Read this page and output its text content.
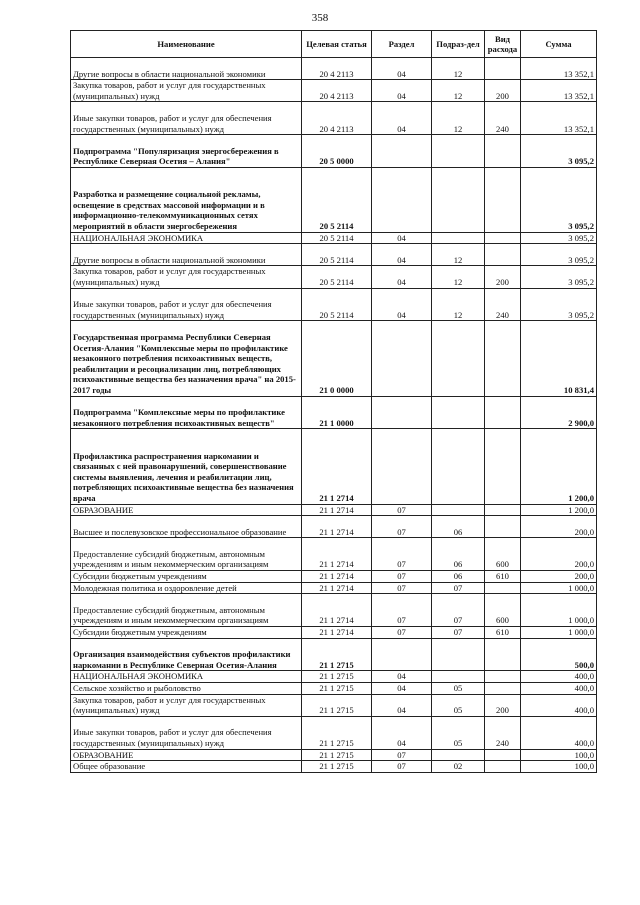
358
Наименование	Целевая статья	Раздел	Подраз-дел	Вид расхода	Сумма
Другие вопросы в области национальной экономики	20 4 2113	04	12		13 352,1
Закупка товаров, работ и услуг для государственных (муниципальных) нужд	20 4 2113	04	12	200	13 352,1
Иные закупки товаров, работ и услуг для обеспечения государственных (муниципальных) нужд	20 4 2113	04	12	240	13 352,1
Подпрограмма "Популяризация энергосбережения в Республике Северная Осетия – Алания"	20 5 0000				3 095,2
Разработка и размещение социальной рекламы, освещение в средствах массовой информации и в информационно-телекоммуникационных сетях мероприятий в области энергосбережения	20 5 2114				3 095,2
НАЦИОНАЛЬНАЯ ЭКОНОМИКА	20 5 2114	04			3 095,2
Другие вопросы в области национальной экономики	20 5 2114	04	12		3 095,2
Закупка товаров, работ и услуг для государственных (муниципальных) нужд	20 5 2114	04	12	200	3 095,2
Иные закупки товаров, работ и услуг для обеспечения государственных (муниципальных) нужд	20 5 2114	04	12	240	3 095,2
Государственная программа Республики Северная Осетия-Алания "Комплексные меры по профилактике незаконного потребления психоактивных веществ, реабилитации и ресоциализации лиц, потребляющих психоактивные вещества без назначения врача" на 2015-2017 годы	21 0 0000				10 831,4
Подпрограмма "Комплексные меры по профилактике незаконного потребления психоактивных веществ"	21 1 0000				2 900,0
Профилактика распространения наркомании и связанных с ней правонарушений, совершенствование системы выявления, лечения и реабилитации лиц, потребляющих психоактивные вещества без назначения врача	21 1 2714				1 200,0
ОБРАЗОВАНИЕ	21 1 2714	07			1 200,0
Высшее и послевузовское профессиональное образование	21 1 2714	07	06		200,0
Предоставление субсидий бюджетным, автономным учреждениям и иным некоммерческим организациям	21 1 2714	07	06	600	200,0
Субсидии бюджетным учреждениям	21 1 2714	07	06	610	200,0
Молодежная политика и оздоровление детей	21 1 2714	07	07		1 000,0
Предоставление субсидий бюджетным, автономным учреждениям и иным некоммерческим организациям	21 1 2714	07	07	600	1 000,0
Субсидии бюджетным учреждениям	21 1 2714	07	07	610	1 000,0
Организация взаимодействия субъектов профилактики наркомании в Республике Северная Осетия-Алания	21 1 2715				500,0
НАЦИОНАЛЬНАЯ ЭКОНОМИКА	21 1 2715	04			400,0
Сельское хозяйство и рыболовство	21 1 2715	04	05		400,0
Закупка товаров, работ и услуг для государственных (муниципальных) нужд	21 1 2715	04	05	200	400,0
Иные закупки товаров, работ и услуг для обеспечения государственных (муниципальных) нужд	21 1 2715	04	05	240	400,0
ОБРАЗОВАНИЕ	21 1 2715	07			100,0
Общее образование	21 1 2715	07	02		100,0
